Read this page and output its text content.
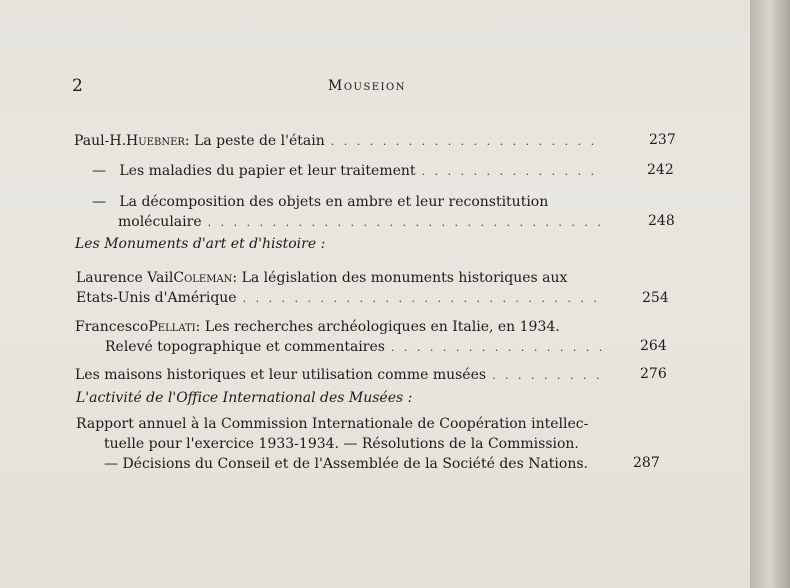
2	Mouseion
Paul-H. Huebner : La peste de l'étain . . .	237
—
Les maladies du papier et leur traitement . . .	242
—
La décomposition des objets en ambre et leur reconstitution
moléculaire . . .	248
Les Monuments d'art et d'histoire :
Laurence Vail Coleman : La législation des monuments historiques aux
Etats-Unis d'Amérique . . .	254
Francesco Pellati : Les recherches archéologiques en Italie, en 1934.
Relevé topographique et commentaires . . .	264
Les maisons historiques et leur utilisation comme musées . . .	276
L'activité de l'Office International des Musées :
Rapport annuel à la Commission Internationale de Coopération intellec-
tuelle pour l'exercice 1933-1934. — Résolutions de la Commission.
— Décisions du Conseil et de l'Assemblée de la Société des Nations.	287
